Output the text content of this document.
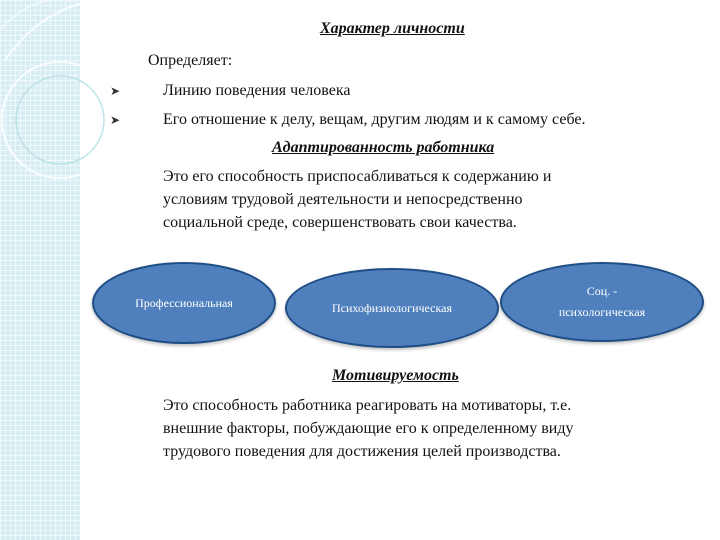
Характер личности
Определяет:
➤	Линию поведения человека
➤	Его отношение к делу, вещам, другим людям и к самому себе.
Адаптированность работника
Это его способность приспосабливаться к содержанию и
условиям трудовой деятельности и непосредственно
социальной среде, совершенствовать свои качества.
Профессиональная	Психофизиологическая
Соц. -
психологическая
Мотивируемость
Это способность работника реагировать на мотиваторы, т.е.
внешние факторы, побуждающие его к определенному виду
трудового поведения для достижения целей производства.
